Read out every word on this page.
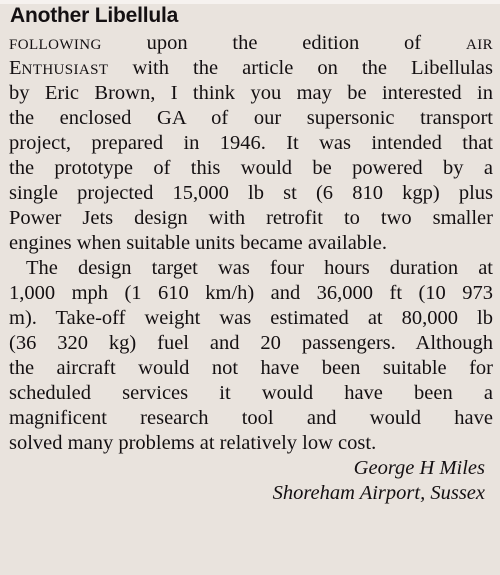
Another Libellula
FOLLOWING upon the edition of	AIR
ENTHUSIAST with the article on the Libellulas
by Eric Brown, I think you may be interested in
the enclosed GA of our supersonic transport
project, prepared in 1946. It was intended that
the prototype of this would be powered by a
single projected 15,000 lb st (6 810 kgp) plus
Power Jets design with retrofit to two smaller
engines when suitable units became available.
The design target was four hours duration at
1,000 mph (1 610 km/h) and 36,000 ft (10 973
m). Take-off weight was estimated at 80,000 lb
(36 320 kg) fuel and 20 passengers. Although
the aircraft would not have been suitable for
scheduled services it would have been a
magnificent research tool and would have
solved many problems at relatively low cost.
George H Miles
Shoreham Airport, Sussex
